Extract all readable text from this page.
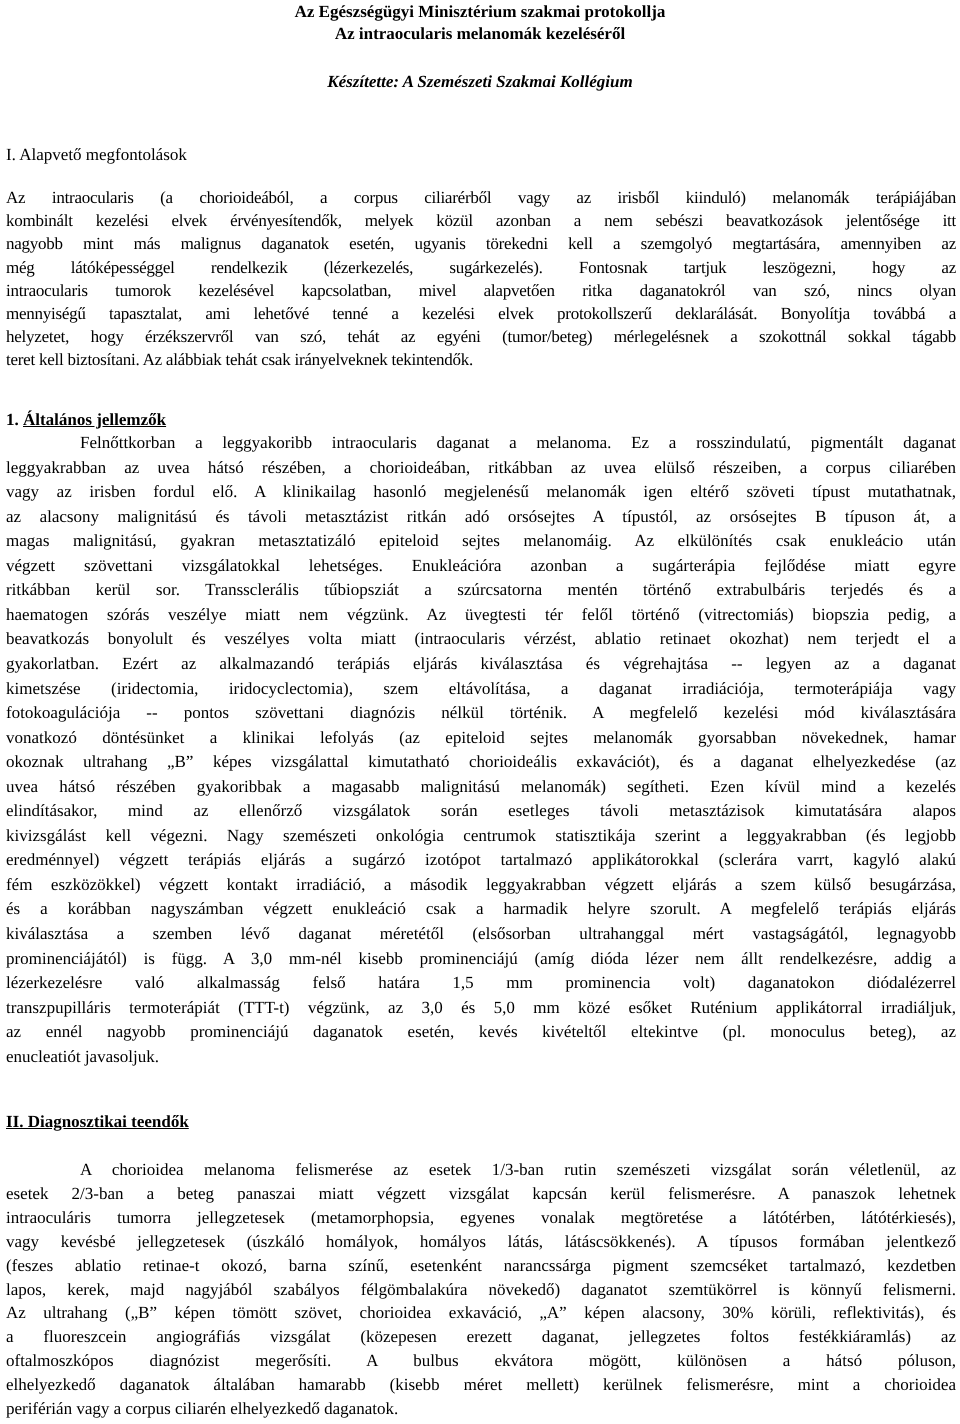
Az Egészségügyi Minisztérium szakmai protokollja
Az intraocularis melanomák kezeléséről
Készítette: A Szemészeti Szakmai Kollégium
I. Alapvető megfontolások
Az intraocularis (a chorioideából, a corpus ciliarérből vagy az irisből kiinduló) melanomák terápiájában
kombinált kezelési elvek érvényesítendők, melyek közül azonban a nem sebészi beavatkozások jelentősége itt
nagyobb mint más malignus daganatok esetén, ugyanis törekedni kell a szemgolyó megtartására, amennyiben az
még látóképességgel rendelkezik (lézerkezelés, sugárkezelés). Fontosnak tartjuk leszögezni, hogy az
intraocularis tumorok kezelésével kapcsolatban, mivel alapvetően ritka daganatokról van szó, nincs olyan
mennyiségű tapasztalat, ami lehetővé tenné a kezelési elvek protokollszerű deklarálását. Bonyolítja továbbá a
helyzetet, hogy érzékszervről van szó, tehát az egyéni (tumor/beteg) mérlegelésnek a szokottnál sokkal tágabb
teret kell biztosítani. Az alábbiak tehát csak irányelveknek tekintendők.
1. Általános jellemzők
Felnőttkorban a leggyakoribb intraocularis daganat a melanoma. Ez a rosszindulatú, pigmentált daganat
leggyakrabban az uvea hátsó részében, a chorioideában, ritkábban az uvea elülső részeiben, a corpus ciliarében
vagy az irisben fordul elő. A klinikailag hasonló megjelenésű melanomák igen eltérő szöveti típust mutathatnak,
az alacsony malignitású és távoli metasztázist ritkán adó orsósejtes A típustól, az orsósejtes B típuson át, a
magas malignitású, gyakran metasztatizáló epiteloid sejtes melanomáig. Az elkülönítés csak enukleácio után
végzett szövettani vizsgálatokkal lehetséges. Enukleációra azonban a sugárterápia fejlődése miatt egyre
ritkábban kerül sor. Transsclerális tűbiopsziát a szúrcsatorna mentén történő extrabulbáris terjedés és a
haematogen szórás veszélye miatt nem végzünk. Az üvegtesti tér felől történő (vitrectomiás) biopszia pedig, a
beavatkozás bonyolult és veszélyes volta miatt (intraocularis vérzést, ablatio retinaet okozhat) nem terjedt el a
gyakorlatban. Ezért az alkalmazandó terápiás eljárás kiválasztása és végrehajtása -- legyen az a daganat
kimetszése (iridectomia, iridocyclectomia), szem eltávolítása, a daganat irradiációja, termoterápiája vagy
fotokoagulációja -- pontos szövettani diagnózis nélkül történik. A megfelelő kezelési mód kiválasztására
vonatkozó döntésünket a klinikai lefolyás (az epiteloid sejtes melanomák gyorsabban növekednek, hamar
okoznak ultrahang „B” képes vizsgálattal kimutatható chorioideális exkavációt), és a daganat elhelyezkedése (az
uvea hátsó részében gyakoribbak a magasabb malignitású melanomák) segítheti. Ezen kívül mind a kezelés
elindításakor, mind az ellenőrző vizsgálatok során esetleges távoli metasztázisok kimutatására alapos
kivizsgálást kell végezni. Nagy szemészeti onkológia centrumok statisztikája szerint a leggyakrabban (és legjobb
eredménnyel) végzett terápiás eljárás a sugárzó izotópot tartalmazó applikátorokkal (sclerára varrt, kagyló alakú
fém eszközökkel) végzett kontakt irradiáció, a második leggyakrabban végzett eljárás a szem külső besugárzása,
és a korábban nagyszámban végzett enukleáció csak a harmadik helyre szorult. A megfelelő terápiás eljárás
kiválasztása a szemben lévő daganat méretétől (elsősorban ultrahanggal mért vastagságától, legnagyobb
prominenciájától) is függ. A 3,0 mm-nél kisebb prominenciájú (amíg dióda lézer nem állt rendelkezésre, addig a
lézerkezelésre való alkalmasság felső határa 1,5 mm prominencia volt) daganatokon diódalézerrel
transzpupilláris termoterápiát (TTT-t) végzünk, az 3,0 és 5,0 mm közé esőket Ruténium applikátorral irradiáljuk,
az ennél nagyobb prominenciájú daganatok esetén, kevés kivételtől eltekintve (pl. monoculus beteg), az
enucleatiót javasoljuk.
II. Diagnosztikai teendők
A chorioidea melanoma felismerése az esetek 1/3-ban rutin szemészeti vizsgálat során véletlenül, az
esetek 2/3-ban a beteg panaszai miatt végzett vizsgálat kapcsán kerül felismerésre. A panaszok lehetnek
intraoculáris tumorra jellegzetesek (metamorphopsia, egyenes vonalak megtöretése a látótérben, látótérkiesés),
vagy kevésbé jellegzetesek (úszkáló homályok, homályos látás, látáscsökkenés). A típusos formában jelentkező
(feszes ablatio retinae-t okozó, barna színű, esetenként narancssárga pigment szemcséket tartalmazó, kezdetben
lapos, kerek, majd nagyjából szabályos félgömbalakúra növekedő) daganatot szemtükörrel is könnyű felismerni.
Az ultrahang („B” képen tömött szövet, chorioidea exkaváció, „A” képen alacsony, 30% körüli, reflektivitás), és
a fluoreszcein angiográfiás vizsgálat (közepesen erezett daganat, jellegzetes foltos festékkiáramlás) az
oftalmoszkópos diagnózist megerősíti. A bulbus ekvátora mögött, különösen a hátsó póluson,
elhelyezkedő daganatok általában hamarabb (kisebb méret mellett) kerülnek felismerésre, mint a chorioidea
periférián vagy a corpus ciliarén elhelyezkedő daganatok.
